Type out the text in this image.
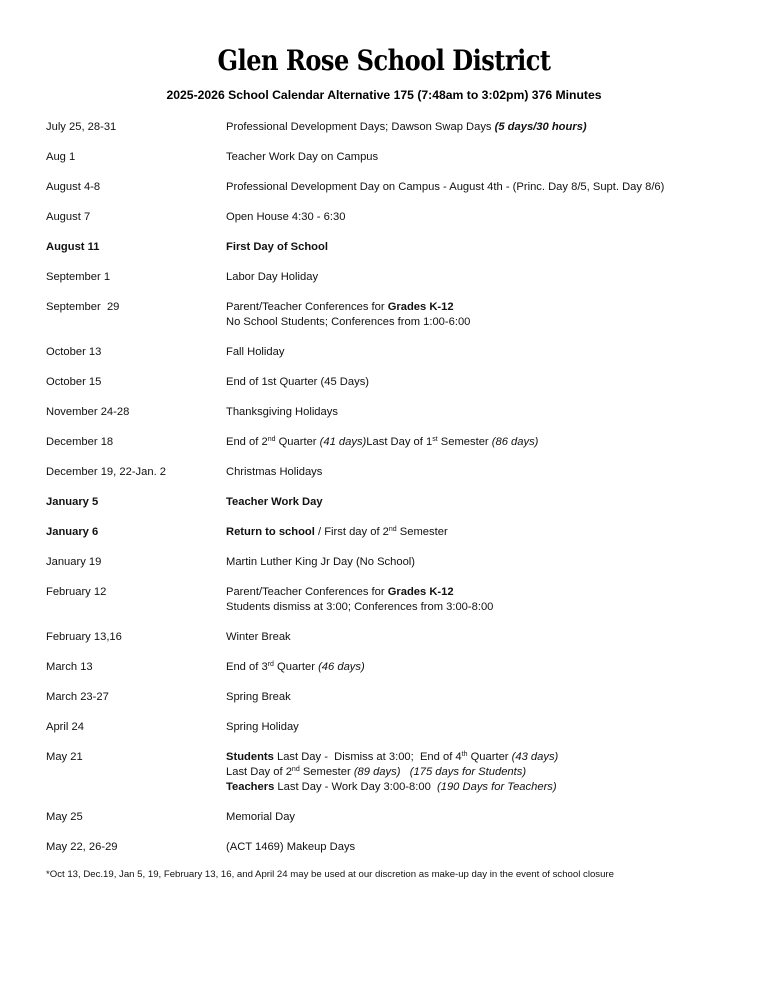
Glen Rose School District
2025-2026 School Calendar Alternative 175 (7:48am to 3:02pm) 376 Minutes
July 25, 28-31	Professional Development Days; Dawson Swap Days (5 days/30 hours)
Aug 1	Teacher Work Day on Campus
August 4-8	Professional Development Day on Campus - August 4th - (Princ. Day 8/5, Supt. Day 8/6)
August 7	Open House 4:30 - 6:30
August 11	First Day of School
September 1	Labor Day Holiday
September  29	Parent/Teacher Conferences for Grades K-12
No School Students; Conferences from 1:00-6:00
October 13	Fall Holiday
October 15	End of 1st Quarter (45 Days)
November 24-28	Thanksgiving Holidays
December 18	End of 2nd Quarter (41 days)Last Day of 1st Semester (86 days)
December 19, 22-Jan. 2	Christmas Holidays
January 5	Teacher Work Day
January 6	Return to school / First day of 2nd Semester
January 19	Martin Luther King Jr Day (No School)
February 12	Parent/Teacher Conferences for Grades K-12
Students dismiss at 3:00; Conferences from 3:00-8:00
February 13,16	Winter Break
March 13	End of 3rd Quarter (46 days)
March 23-27	Spring Break
April 24	Spring Holiday
May 21	Students Last Day -  Dismiss at 3:00;  End of 4th Quarter (43 days)
Last Day of 2nd Semester (89 days) (175 days for Students)
Teachers Last Day - Work Day 3:00-8:00  (190 Days for Teachers)
May 25	Memorial Day
May 22, 26-29	(ACT 1469) Makeup Days
*Oct 13, Dec.19, Jan 5, 19, February 13, 16, and April 24 may be used at our discretion as make-up day in the event of school closure
